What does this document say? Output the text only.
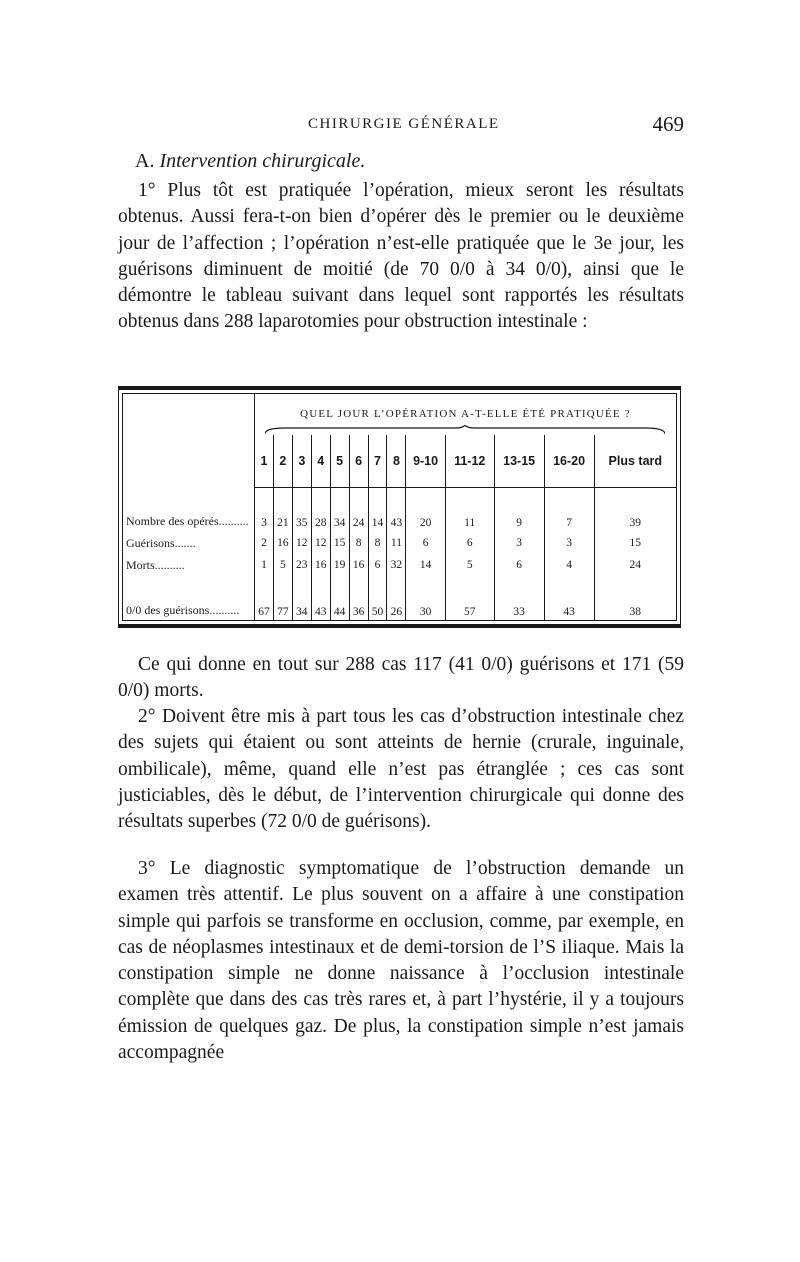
CHIRURGIE GÉNÉRALE	469
A. Intervention chirurgicale.

1° Plus tôt est pratiquée l’opération, mieux seront les résultats obtenus. Aussi fera-t-on bien d’opérer dès le premier ou le deuxième jour de l’affection ; l’opération n’est-elle pratiquée que le 3e jour, les guérisons diminuent de moitié (de 70 0/0 à 34 0/0), ainsi que le démontre le tableau suivant dans lequel sont rapportés les résultats obtenus dans 288 laparotomies pour obstruction intestinale :

	QUEL JOUR L’OPÉRATION A-T-ELLE ÉTÉ PRATIQUÉE ?												

	1	2	3	4	5	6	7	8	9-10	11-12	13-15	16-20	Plus tard
Nombre des opérés..........	3	21	35	28	34	24	14	43	20	11	9	7	39
Guérisons.......	2	16	12	12	15	8	8	11	6	6	3	3	15
Morts..........	1	5	23	16	19	16	6	32	14	5	6	4	24
0/0 des guérisons..........	67	77	34	43	44	36	50	26	30	57	33	43	38

Ce qui donne en tout sur 288 cas 117 (41 0/0) guérisons et 171 (59 0/0) morts.

2° Doivent être mis à part tous les cas d’obstruction intestinale chez des sujets qui étaient ou sont atteints de hernie (crurale, inguinale, ombilicale), même, quand elle n’est pas étranglée ; ces cas sont justiciables, dès le début, de l’intervention chirurgicale qui donne des résultats superbes (72 0/0 de guérisons).

3° Le diagnostic symptomatique de l’obstruction demande un examen très attentif. Le plus souvent on a affaire à une constipation simple qui parfois se transforme en occlusion, comme, par exemple, en cas de néoplasmes intestinaux et de demi-torsion de l’S iliaque. Mais la constipation simple ne donne naissance à l’occlusion intestinale complète que dans des cas très rares et, à part l’hystérie, il y a toujours émission de quelques gaz. De plus, la constipation simple n’est jamais accompagnée
